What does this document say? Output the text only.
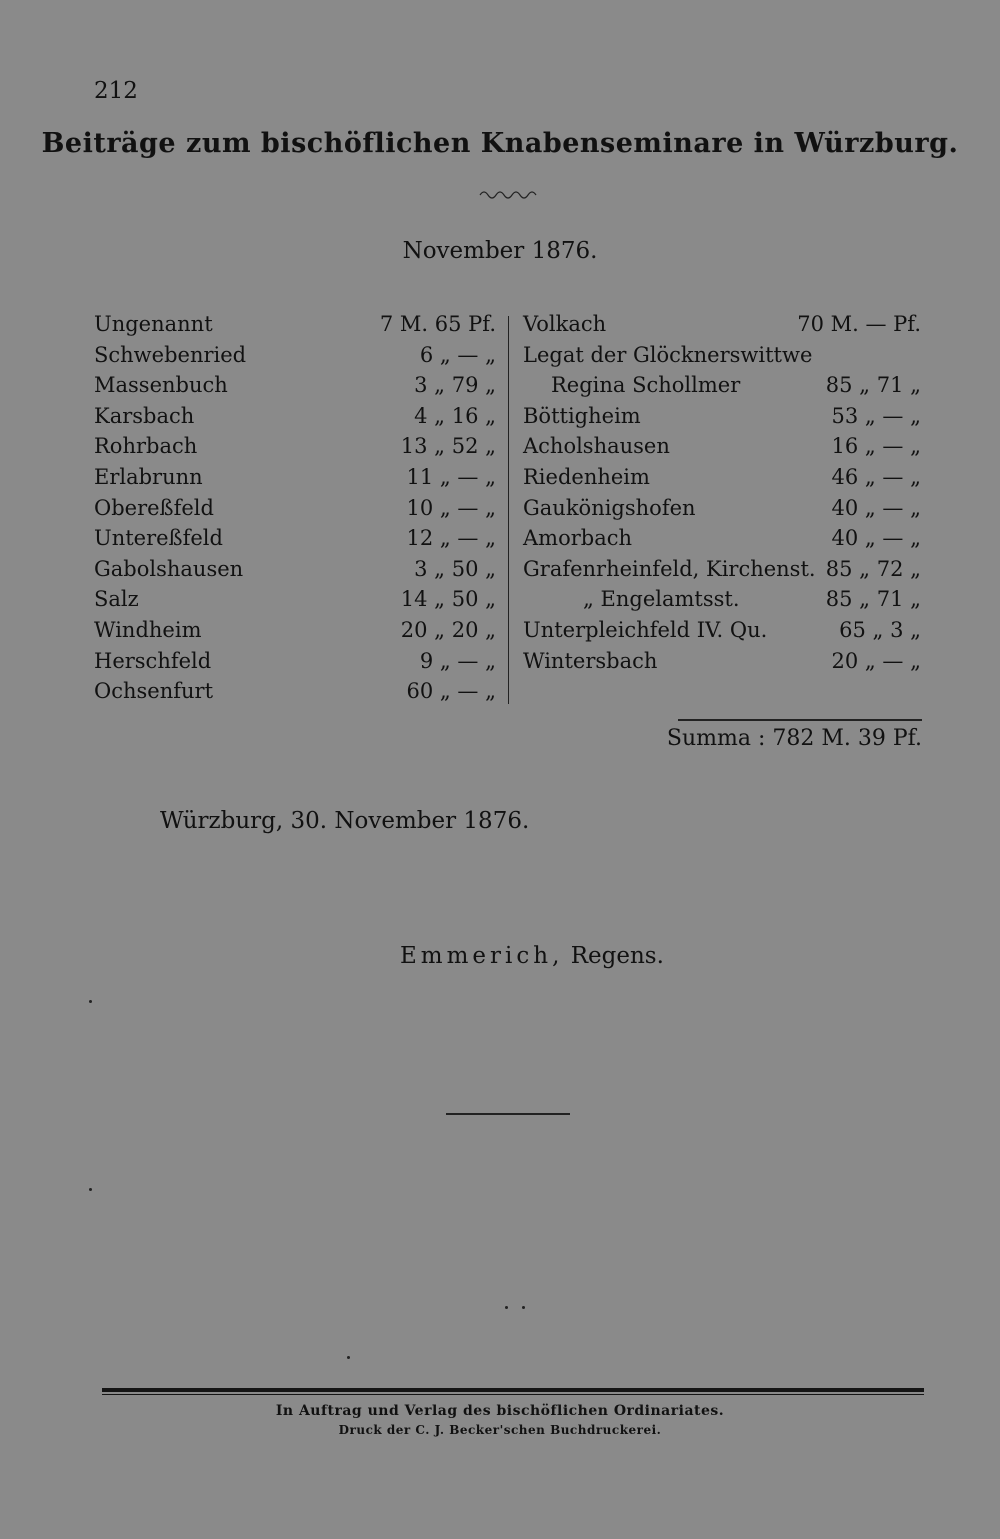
212
Beiträge zum bischöflichen Knabenseminare in Würzburg.
November 1876.
Ungenannt	7 M. 65 Pf.
Schwebenried	6 „ — „
Massenbuch	3 „ 79 „
Karsbach	4 „ 16 „
Rohrbach	13 „ 52 „
Erlabrunn	11 „ — „
Obereßfeld	10 „ — „
Untereßfeld	12 „ — „
Gabolshausen	3 „ 50 „
Salz	14 „ 50 „
Windheim	20 „ 20 „
Herschfeld	9 „ — „
Ochsenfurt	60 „ — „
Volkach	70 M. — Pf.
Legat der Glöcknerswittwe
Regina Schollmer	85 „ 71 „
Böttigheim	53 „ — „
Acholshausen	16 „ — „
Riedenheim	46 „ — „
Gaukönigshofen	40 „ — „
Amorbach	40 „ — „
Grafenrheinfeld, Kirchenst. 85 „ 72 „
„ Engelamtsst.	85 „ 71 „
Unterpleichfeld IV. Qu.	65 „ 3 „
Wintersbach	20 „ — „
Summa : 782 M. 39 Pf.
Würzburg, 30. November 1876.
Emmerich, Regens.
In Auftrag und Verlag des bischöflichen Ordinariates.
Druck der C. J. Becker'schen Buchdruckerei.
